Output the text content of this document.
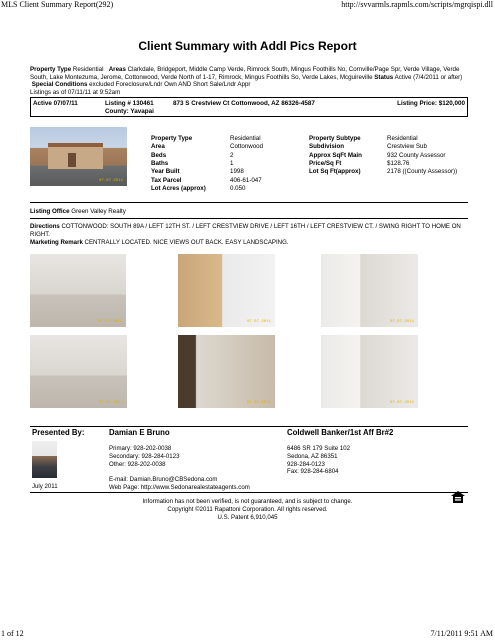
MLS Client Summary Report(292)	http://svvarmls.rapmls.com/scripts/mgrqispi.dll
Client Summary with Addl Pics Report
Property Type Residential Areas Clarkdale, Bridgeport, Middle Camp Verde, Rimrock South, Mingus Foothills No, Cornville/Page Spr, Verde Village, Verde South, Lake Montezuma, Jerome, Cottonwood, Verde North of 1-17, Rimrock, Mingus Foothills So, Verde Lakes, Mcguireville Status Active (7/4/2011 or after)  Special Conditions excluded Foreclosure/Lndr Own AND Short Sale/Lndr Appr
Listings as of 07/11/11 at 9:52am
Active 07/07/11	Listing # 130461
County: Yavapai
873 S Crestview Ct Cottonwood, AZ 86326-4587	Listing Price: $120,000
07.07.2011
Property Type	Residential
Area	Cottonwood
Beds	2
Baths	1
Year Built	1998
Tax Parcel	406-61-047
Lot Acres (approx)	0.050
Property Subtype	Residential
Subdivision	Crestview Sub
Approx SqFt Main	932 County Assessor
Price/Sq Ft	$128.76
Lot Sq Ft(approx)	2178 ((County Assessor))
Listing Office Green Valley Realty
Directions COTTONWOOD: SOUTH 89A / LEFT 12TH ST. / LEFT CRESTVIEW DRIVE / LEFT 16TH / LEFT CRESTVIEW CT. / SWING RIGHT TO HOME ON RIGHT.
Marketing Remark CENTRALLY LOCATED. NICE VIEWS OUT BACK. EASY LANDSCAPING.
07.07.2011	07.07.2011	07.07.2011
07.07.2011	07.07.2011	07.07.2011
Presented By:	Damian E Bruno	Coldwell Banker/1st Aff Br#2
July 2011
Primary: 928-202-0038
Secondary: 928-284-0123
Other: 928-202-0038
6486 SR 179 Suite 102
Sedona, AZ 86351
928-284-0123
Fax: 928-284-6804
E-mail: Damian.Bruno@CBSedona.com
Web Page: http://www.Sedonarealestateagents.com
Information has not been verified, is not guaranteed, and is subject to change.
Copyright ©2011 Rapattoni Corporation. All rights reserved.
U.S. Patent 6,910,045
1 of 12	7/11/2011 9:51 AM
